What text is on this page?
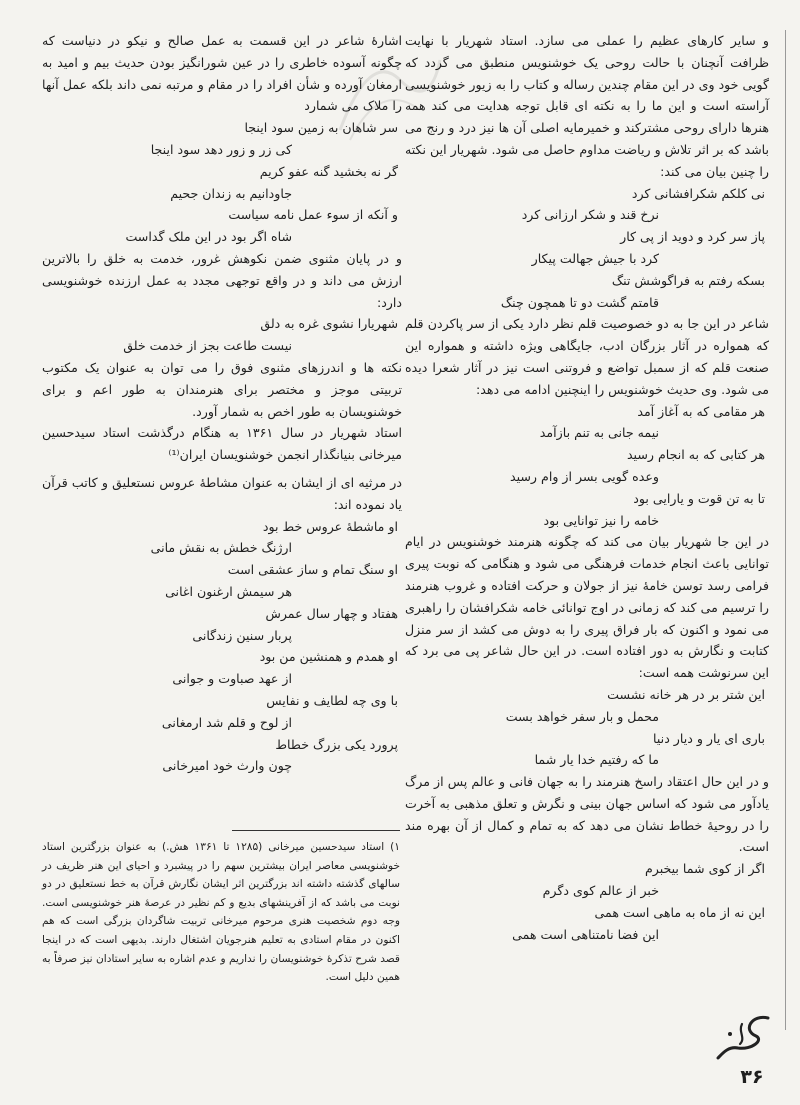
و سایر کارهای عظیم را عملی می سازد. استاد شهریار با نهایت ظرافت آنچنان با حالت روحی یک خوشنویس منطبق می گردد که گویی خود وی در این مقام چندین رساله و کتاب را به زیور خوشنویسی آراسته است و این ما را به نکته ای قابل توجه هدایت می کند همه هنرها دارای روحی مشترکند و خمیرمایه اصلی آن ها نیز درد و رنج می باشد که بر اثر تلاش و ریاضت مداوم حاصل می شود. شهریار این نکته را چنین بیان می کند:

نی کلکم شکرافشانی کرد
نرخ قند و شکر ارزانی کرد
پاز سر کرد و دوید از پی کار
کرد با جیش جهالت پیکار
بسکه رفتم به فراگوشش تنگ
قامتم گشت دو تا همچون چنگ

شاعر در این جا به دو خصوصیت قلم نظر دارد یکی از سر پاکردن قلم که همواره در آثار بزرگان ادب، جایگاهی ویژه داشته و همواره این صنعت قلم که از سمبل تواضع و فروتنی است نیز در آثار شعرا دیده می شود. وی حدیث خوشنویس را اینچنین ادامه می دهد:

هر مقامی که به آغاز آمد
نیمه جانی به تنم بازآمد
هر کتابی که به انجام رسید
وعده گویی بسر از وام رسید
تا به تن قوت و یارایی بود
خامه را نیز توانایی بود

در این جا شهریار بیان می کند که چگونه هنرمند خوشنویس در ایام توانایی باعث انجام خدمات فرهنگی می شود و هنگامی که نوبت پیری فرامی رسد توسن خامهٔ نیز از جولان و حرکت افتاده و غروب هنرمند را ترسیم می کند که زمانی در اوج توانائی خامه شکرافشان را راهبری می نمود و اکنون که بار فراق پیری را به دوش می کشد از سر منزل کتابت و نگارش به دور افتاده است. در این حال شاعر پی می برد که این سرنوشت همه است:

این شتر بر در هر خانه نشست
محمل و بار سفر خواهد بست
باری ای یار و دیار دنیا
ما که رفتیم خدا یار شما

و در این حال اعتقاد راسخ هنرمند را به جهان فانی و عالم پس از مرگ یادآور می شود که اساس جهان بینی و نگرش و تعلق مذهبی به آخرت را در روحیهٔ خطاط نشان می دهد که به تمام و کمال از آن بهره مند است.

اگر از کوی شما بیخبرم
خبر از عالم کوی دگرم
این نه از ماه به ماهی است همی
این فضا نامتناهی است همی

اشارهٔ شاعر در این قسمت به عمل صالح و نیکو در دنیاست که چگونه آسوده خاطری را در عین شورانگیز بودن حدیث بیم و امید به ارمغان آورده و شأن افراد را در مقام و مرتبه نمی داند بلکه عمل آنها را ملاک می شمارد

سر شاهان به زمین سود اینجا
کی زر و زور دهد سود اینجا
گر نه بخشید گنه عفو کریم
جاودانیم به زندان جحیم
و آنکه از سوء عمل نامه سیاست
شاه اگر بود در این ملک گداست

و در پایان مثنوی ضمن نکوهش غرور، خدمت به خلق را بالاترین ارزش می داند و در واقع توجهی مجدد به عمل ارزنده خوشنویسی دارد:

شهریارا نشوی غره به دلق
نیست طاعت بجز از خدمت خلق

نکته ها و اندرزهای مثنوی فوق را می توان به عنوان یک مکتوب تربیتی موجز و مختصر برای هنرمندان به طور اعم و برای خوشنویسان به طور اخص به شمار آورد.

استاد شهریار در سال ۱۳۶۱ به هنگام درگذشت استاد سیدحسین میرخانی بنیانگذار انجمن خوشنویسان ایران⁽¹⁾

در مرثیه ای از ایشان به عنوان مشاطهٔ عروس نستعلیق و کاتب قرآن یاد نموده اند:

او ماشطهٔ عروس خط بود
ارژنگ خطش به نقش مانی
او سنگ تمام و ساز عشقی است
هر سیمش ارغنون اغانی
هفتاد و چهار سال عمرش
پربار سنین زندگانی
او همدم و همنشین من بود
از عهد صباوت و جوانی
با وی چه لطایف و نفایس
از لوح و قلم شد ارمغانی
پرورد یکی بزرگ خطاط
چون وارث خود امیرخانی
۱) استاد سیدحسین میرخانی (۱۲۸۵ تا ۱۳۶۱ هش.) به عنوان بزرگترین استاد خوشنویسی معاصر ایران بیشترین سهم را در پیشبرد و احیای این هنر ظریف در سالهای گذشته داشته اند بزرگترین اثر ایشان نگارش قرآن به خط نستعلیق در دو نوبت می باشد که از آفرینشهای بدیع و کم نظیر در عرصهٔ هنر خوشنویسی است. وجه دوم شخصیت هنری مرحوم میرخانی تربیت شاگردان بزرگی است که هم اکنون در مقام استادی به تعلیم هنرجویان اشتغال دارند. بدیهی است که در اینجا قصد شرح تذکرهٔ خوشنویسان را نداریم و عدم اشاره به سایر استادان نیز صرفاً به همین دلیل است.
۳۶
